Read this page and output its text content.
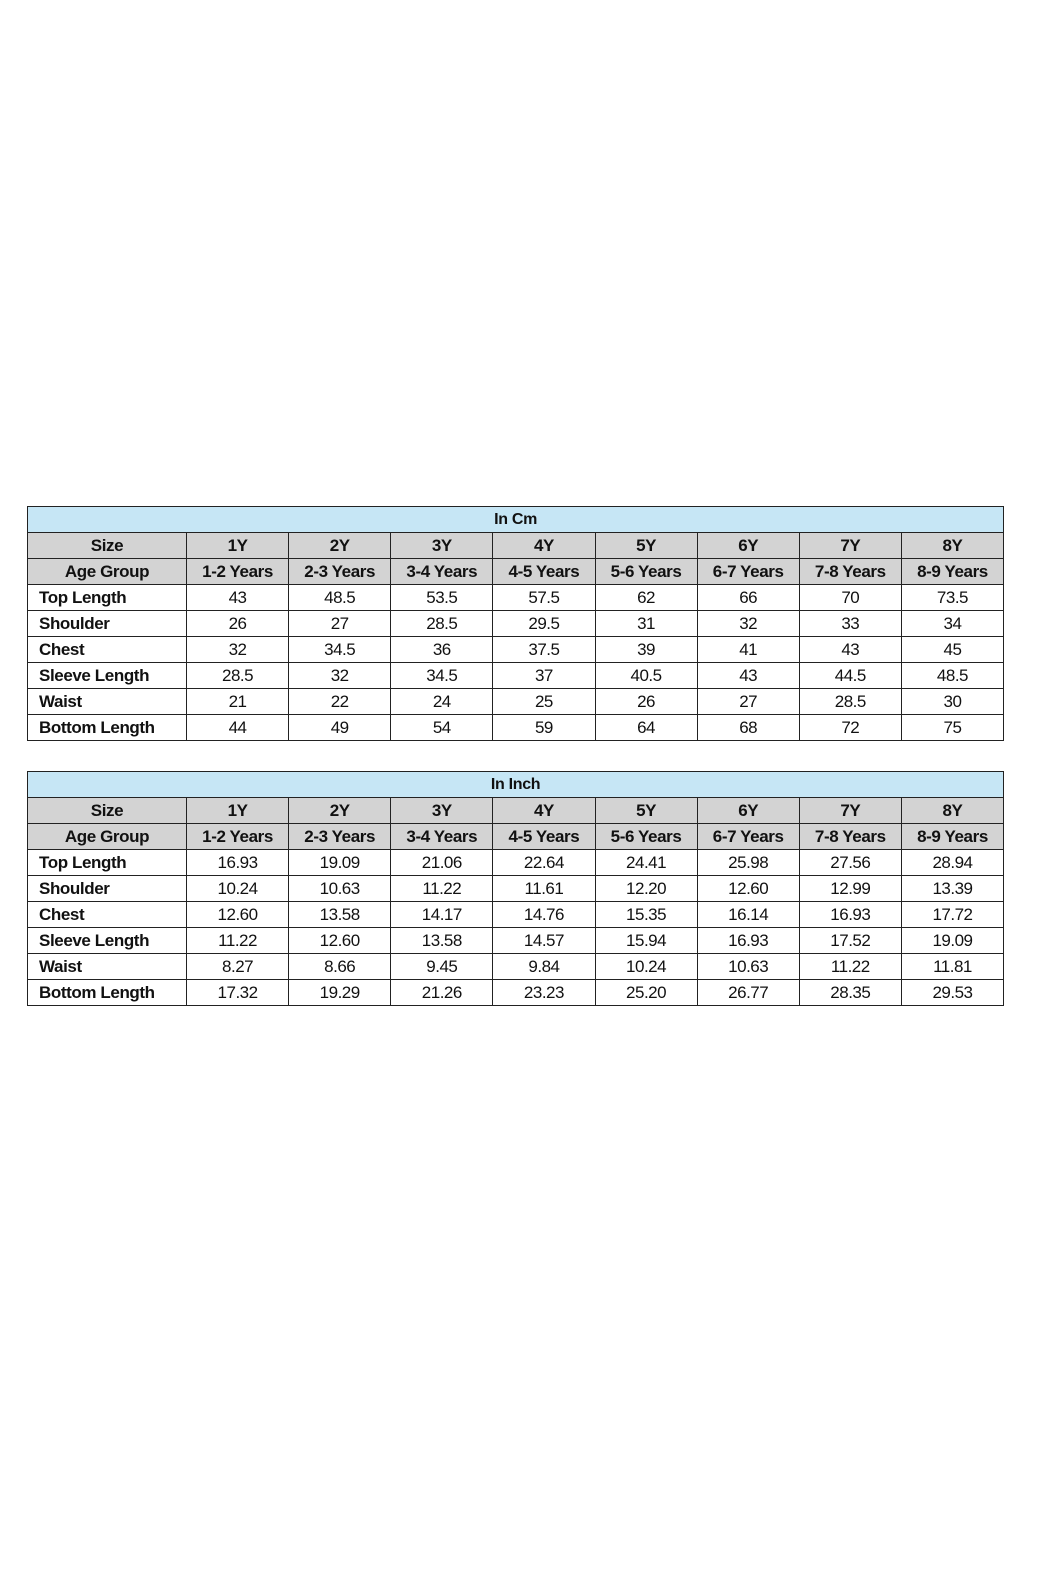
In Cm								
Size	1Y	2Y	3Y	4Y	5Y	6Y	7Y	8Y
Age Group	1-2 Years	2-3 Years	3-4 Years	4-5 Years	5-6 Years	6-7 Years	7-8 Years	8-9 Years
Top Length	43	48.5	53.5	57.5	62	66	70	73.5
Shoulder	26	27	28.5	29.5	31	32	33	34
Chest	32	34.5	36	37.5	39	41	43	45
Sleeve Length	28.5	32	34.5	37	40.5	43	44.5	48.5
Waist	21	22	24	25	26	27	28.5	30
Bottom Length	44	49	54	59	64	68	72	75
In Inch								
Size	1Y	2Y	3Y	4Y	5Y	6Y	7Y	8Y
Age Group	1-2 Years	2-3 Years	3-4 Years	4-5 Years	5-6 Years	6-7 Years	7-8 Years	8-9 Years
Top Length	16.93	19.09	21.06	22.64	24.41	25.98	27.56	28.94
Shoulder	10.24	10.63	11.22	11.61	12.20	12.60	12.99	13.39
Chest	12.60	13.58	14.17	14.76	15.35	16.14	16.93	17.72
Sleeve Length	11.22	12.60	13.58	14.57	15.94	16.93	17.52	19.09
Waist	8.27	8.66	9.45	9.84	10.24	10.63	11.22	11.81
Bottom Length	17.32	19.29	21.26	23.23	25.20	26.77	28.35	29.53
